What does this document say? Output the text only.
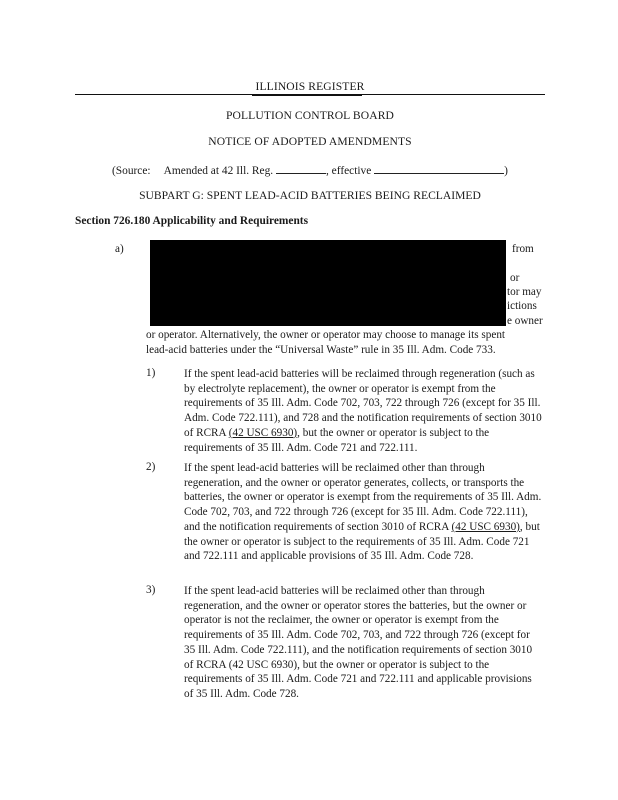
ILLINOIS REGISTER
POLLUTION CONTROL BOARD
NOTICE OF ADOPTED AMENDMENTS
(Source: Amended at 42 Ill. Reg.	, effective	)
SUBPART G: SPENT LEAD-ACID BATTERIES BEING RECLAIMED
Section 726.180 Applicability and Requirements
a)	from
or
tor may
ictions
e owner
or operator. Alternatively, the owner or operator may choose to manage its spent
lead-acid batteries under the “Universal Waste” rule in 35 Ill. Adm. Code 733.
1)	If the spent lead-acid batteries will be reclaimed through regeneration (such as by electrolyte replacement), the owner or operator is exempt from the requirements of 35 Ill. Adm. Code 702, 703, 722 through 726 (except for 35 Ill. Adm. Code 722.111), and 728 and the notification requirements of section 3010 of RCRA (42 USC 6930), but the owner or operator is subject to the requirements of 35 Ill. Adm. Code 721 and 722.111.
2)	If the spent lead-acid batteries will be reclaimed other than through regeneration, and the owner or operator generates, collects, or transports the batteries, the owner or operator is exempt from the requirements of 35 Ill. Adm. Code 702, 703, and 722 through 726 (except for 35 Ill. Adm. Code 722.111), and the notification requirements of section 3010 of RCRA (42 USC 6930), but the owner or operator is subject to the requirements of 35 Ill. Adm. Code 721 and 722.111 and applicable provisions of 35 Ill. Adm. Code 728.
3)	If the spent lead-acid batteries will be reclaimed other than through regeneration, and the owner or operator stores the batteries, but the owner or operator is not the reclaimer, the owner or operator is exempt from the requirements of 35 Ill. Adm. Code 702, 703, and 722 through 726 (except for 35 Ill. Adm. Code 722.111), and the notification requirements of section 3010 of RCRA (42 USC 6930), but the owner or operator is subject to the requirements of 35 Ill. Adm. Code 721 and 722.111 and applicable provisions of 35 Ill. Adm. Code 728.
